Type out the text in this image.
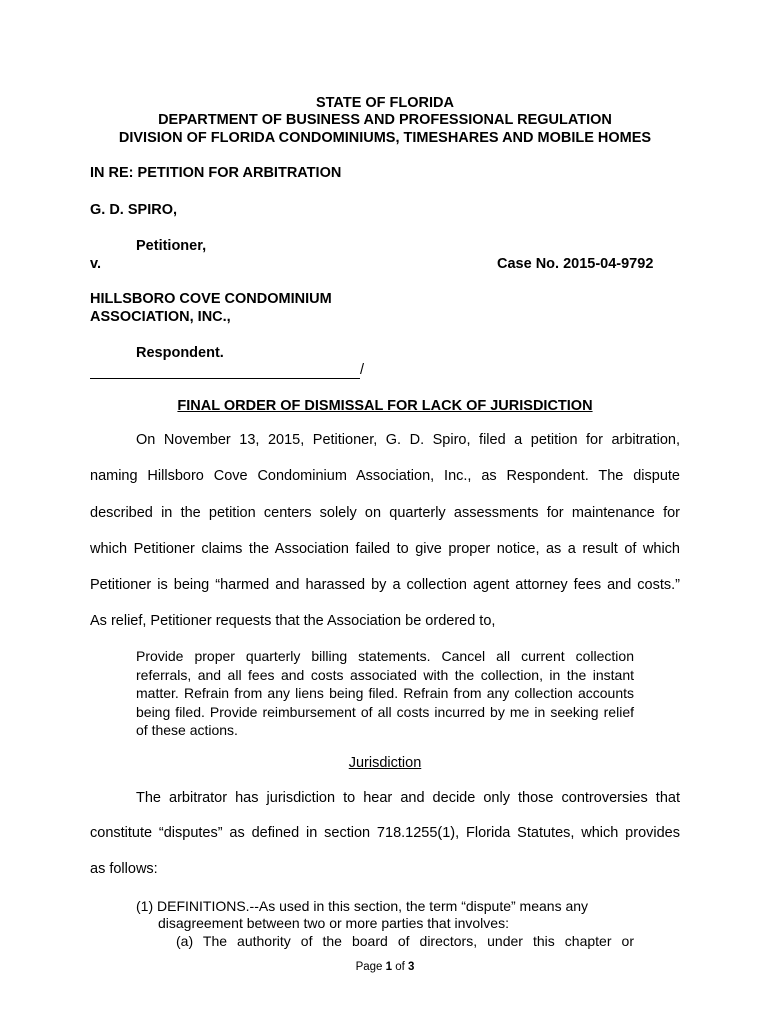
STATE OF FLORIDA
DEPARTMENT OF BUSINESS AND PROFESSIONAL REGULATION
DIVISION OF FLORIDA CONDOMINIUMS, TIMESHARES AND MOBILE HOMES
IN RE: PETITION FOR ARBITRATION
G. D. SPIRO,
Petitioner,
v.	Case No. 2015-04-9792
HILLSBORO COVE CONDOMINIUM
ASSOCIATION, INC.,
Respondent.
/
FINAL ORDER OF DISMISSAL FOR LACK OF JURISDICTION
On November 13, 2015, Petitioner, G. D. Spiro, filed a petition for arbitration,
naming Hillsboro Cove Condominium Association, Inc., as Respondent. The dispute
described in the petition centers solely on quarterly assessments for maintenance for
which Petitioner claims the Association failed to give proper notice, as a result of which
Petitioner is being “harmed and harassed by a collection agent attorney fees and costs.”
As relief, Petitioner requests that the Association be ordered to,
Provide proper quarterly billing statements. Cancel all current collection referrals, and all fees and costs associated with the collection, in the instant matter. Refrain from any liens being filed. Refrain from any collection accounts being filed. Provide reimbursement of all costs incurred by me in seeking relief of these actions.
Jurisdiction
The arbitrator has jurisdiction to hear and decide only those controversies that
constitute “disputes” as defined in section 718.1255(1), Florida Statutes, which provides
as follows:
(1) DEFINITIONS.--As used in this section, the term “dispute” means any
disagreement between two or more parties that involves:
(a) The authority of the board of directors, under this chapter or
Page 1 of 3
